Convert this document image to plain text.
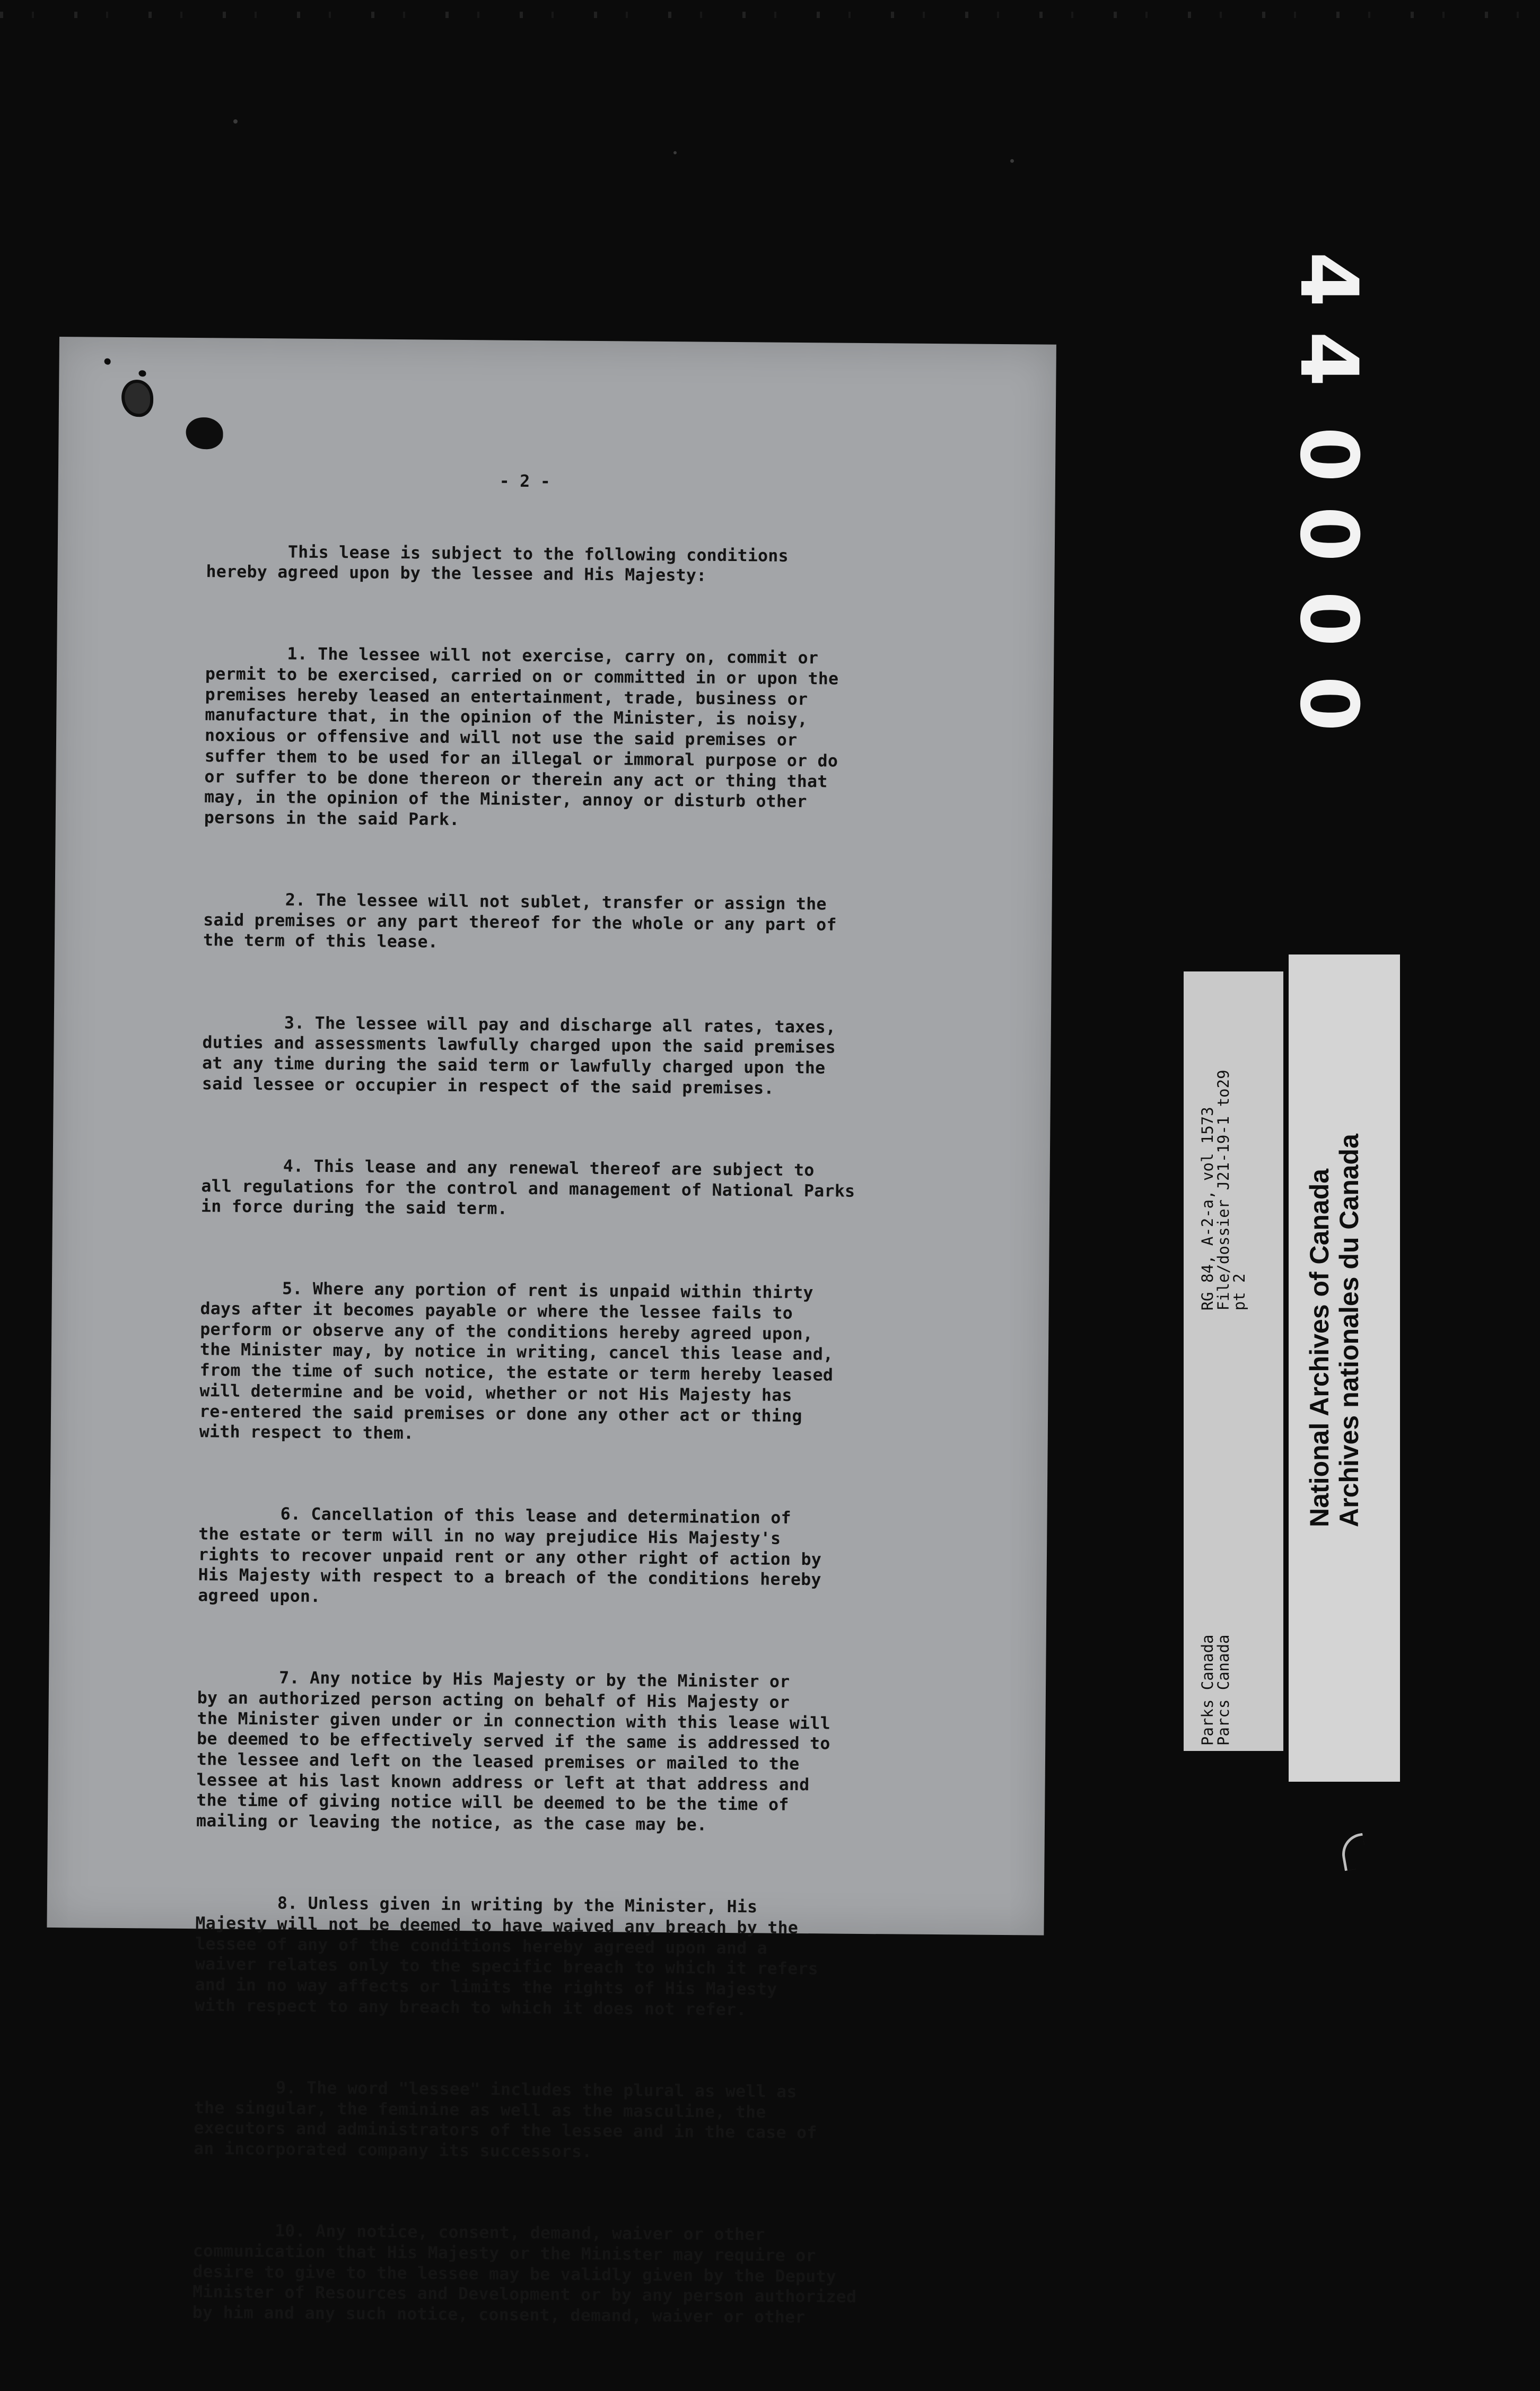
- 2 -

This lease is subject to the following conditions
hereby agreed upon by the lessee and His Majesty:

1. The lessee will not exercise, carry on, commit or
permit to be exercised, carried on or committed in or upon the
premises hereby leased an entertainment, trade, business or
manufacture that, in the opinion of the Minister, is noisy,
noxious or offensive and will not use the said premises or
suffer them to be used for an illegal or immoral purpose or do
or suffer to be done thereon or therein any act or thing that
may, in the opinion of the Minister, annoy or disturb other
persons in the said Park.

2. The lessee will not sublet, transfer or assign the
said premises or any part thereof for the whole or any part of
the term of this lease.

3. The lessee will pay and discharge all rates, taxes,
duties and assessments lawfully charged upon the said premises
at any time during the said term or lawfully charged upon the
said lessee or occupier in respect of the said premises.

4. This lease and any renewal thereof are subject to
all regulations for the control and management of National Parks
in force during the said term.

5. Where any portion of rent is unpaid within thirty
days after it becomes payable or where the lessee fails to
perform or observe any of the conditions hereby agreed upon,
the Minister may, by notice in writing, cancel this lease and,
from the time of such notice, the estate or term hereby leased
will determine and be void, whether or not His Majesty has
re-entered the said premises or done any other act or thing
with respect to them.

6. Cancellation of this lease and determination of
the estate or term will in no way prejudice His Majesty's
rights to recover unpaid rent or any other right of action by
His Majesty with respect to a breach of the conditions hereby
agreed upon.

7. Any notice by His Majesty or by the Minister or
by an authorized person acting on behalf of His Majesty or
the Minister given under or in connection with this lease will
be deemed to be effectively served if the same is addressed to
the lessee and left on the leased premises or mailed to the
lessee at his last known address or left at that address and
the time of giving notice will be deemed to be the time of
mailing or leaving the notice, as the case may be.

8. Unless given in writing by the Minister, His
Majesty will not be deemed to have waived any breach by the
lessee of any of the conditions hereby agreed upon and a
waiver relates only to the specific breach to which it refers
and in no way affects or limits the rights of His Majesty
with respect to any breach to which it does not refer.

9. The word "lessee" includes the plural as well as
the singular, the feminine as well as the masculine, the
executors and administrators of the lessee and in the case of
an incorporated company its successors.

10. Any notice, consent, demand, waiver or other
communication that His Majesty or the Minister may require or
desire to give to the lessee may be validly given by the Deputy
Minister of Resources and Development or by any person authorized
by him and any such notice, consent, demand, waiver or other

4
4
0
0
0
0
Parks Canada                                   RG 84, A-2-a, vol 1573
Parcs Canada                                   File/dossier J21-19-1 to29
pt 2
National Archives of Canada
Archives nationales du Canada
